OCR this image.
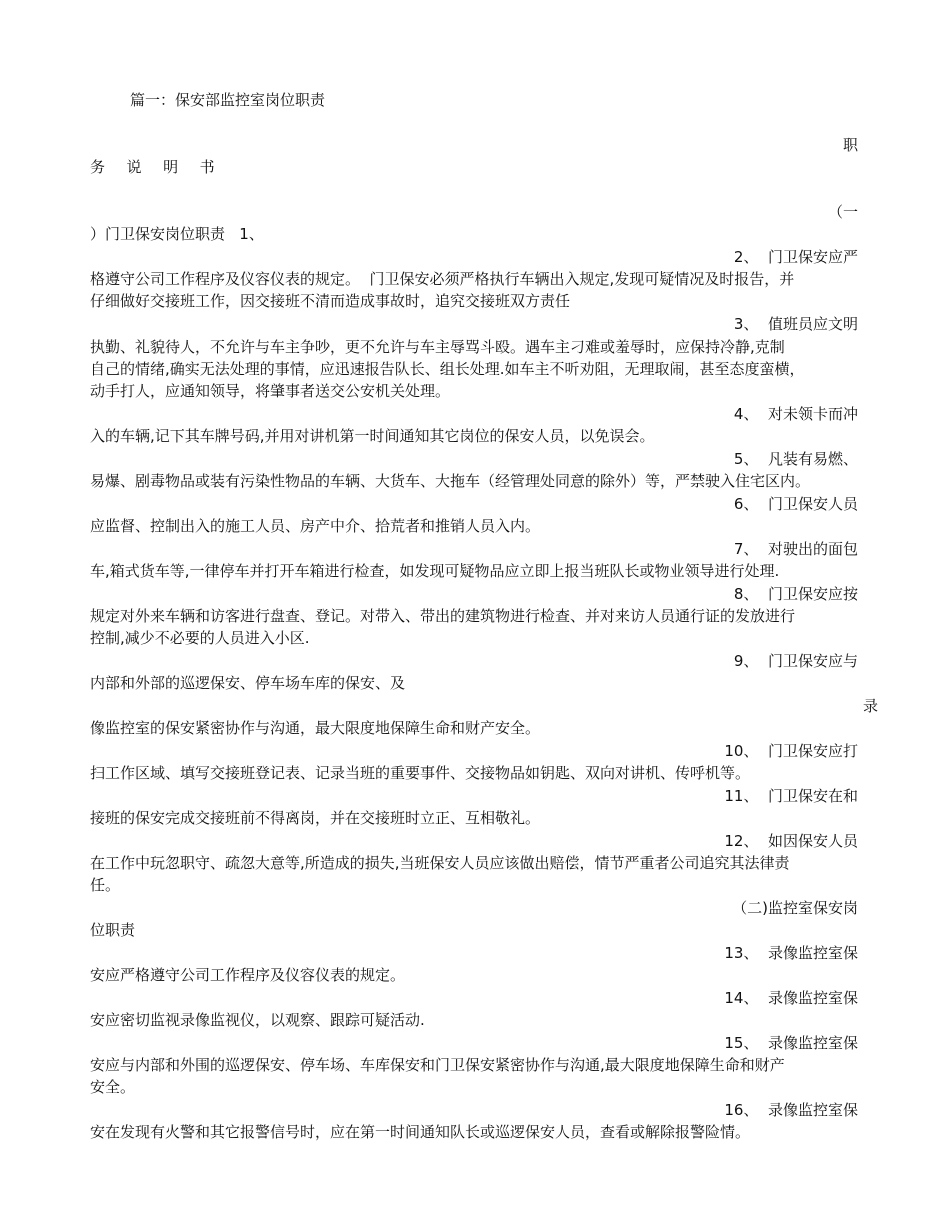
篇一：保安部监控室岗位职责
职
务  说  明  书
（一
）门卫保安岗位职责   1、
2、  门卫保安应严
格遵守公司工作程序及仪容仪表的规定。  门卫保安必须严格执行车辆出入规定,发现可疑情况及时报告，并
仔细做好交接班工作，因交接班不清而造成事故时，追究交接班双方责任
3、  值班员应文明
执勤、礼貌待人，不允许与车主争吵，更不允许与车主辱骂斗殴。遇车主刁难或羞辱时，应保持冷静,克制
自己的情绪,确实无法处理的事情，应迅速报告队长、组长处理.如车主不听劝阻，无理取闹，甚至态度蛮横，
动手打人，应通知领导，将肇事者送交公安机关处理。
4、  对未领卡而冲
入的车辆,记下其车牌号码,并用对讲机第一时间通知其它岗位的保安人员，以免误会。
5、  凡装有易燃、
易爆、剧毒物品或装有污染性物品的车辆、大货车、大拖车（经管理处同意的除外）等，严禁驶入住宅区内。
6、  门卫保安人员
应监督、控制出入的施工人员、房产中介、拾荒者和推销人员入内。
7、  对驶出的面包
车,箱式货车等,一律停车并打开车箱进行检查，如发现可疑物品应立即上报当班队长或物业领导进行处理.
8、  门卫保安应按
规定对外来车辆和访客进行盘查、登记。对带入、带出的建筑物进行检查、并对来访人员通行证的发放进行
控制,减少不必要的人员进入小区.
9、  门卫保安应与
内部和外部的巡逻保安、停车场车库的保安、及
录
像监控室的保安紧密协作与沟通，最大限度地保障生命和财产安全。
10、  门卫保安应打
扫工作区域、填写交接班登记表、记录当班的重要事件、交接物品如钥匙、双向对讲机、传呼机等。
11、  门卫保安在和
接班的保安完成交接班前不得离岗，并在交接班时立正、互相敬礼。
12、  如因保安人员
在工作中玩忽职守、疏忽大意等,所造成的损失,当班保安人员应该做出赔偿，情节严重者公司追究其法律责
任。
（二)监控室保安岗
位职责
13、  录像监控室保
安应严格遵守公司工作程序及仪容仪表的规定。
14、  录像监控室保
安应密切监视录像监视仪，以观察、跟踪可疑活动.
15、  录像监控室保
安应与内部和外围的巡逻保安、停车场、车库保安和门卫保安紧密协作与沟通,最大限度地保障生命和财产
安全。
16、  录像监控室保
安在发现有火警和其它报警信号时，应在第一时间通知队长或巡逻保安人员，查看或解除报警险情。
